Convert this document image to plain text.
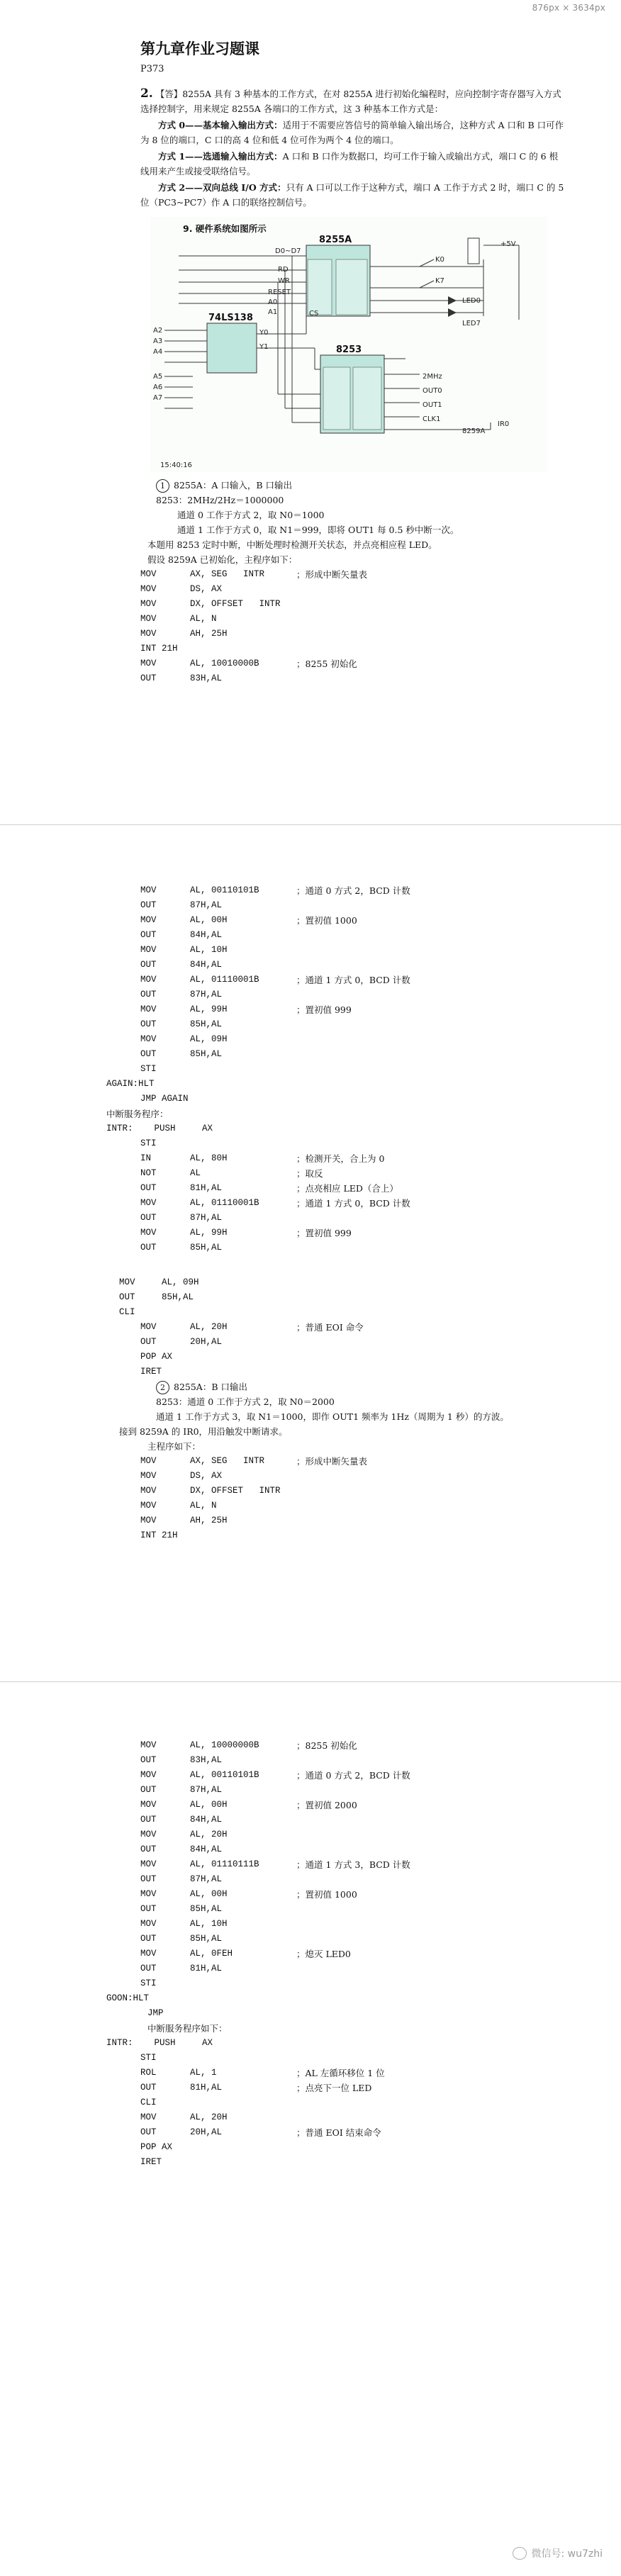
876px × 3634px
第九章作业习题课
P373

2. 【答】8255A 具有 3 种基本的工作方式，在对 8255A 进行初始化编程时，应向控制字寄存器写入方式选择控制字，用来规定 8255A 各端口的工作方式，这 3 种基本工作方式是：

方式 0——基本输入输出方式：适用于不需要应答信号的简单输入输出场合，这种方式 A 口和 B 口可作为 8 位的端口，C 口的高 4 位和低 4 位可作为两个 4 位的端口。

方式 1——选通输入输出方式：A 口和 B 口作为数据口，均可工作于输入或输出方式，端口 C 的 6 根线用来产生或接受联络信号。

方式 2——双向总线 I/O 方式：只有 A 口可以工作于这种方式，端口 A 工作于方式 2 时，端口 C 的 5 位（PC3~PC7）作 A 口的联络控制信号。

9. 硬件系统如图所示
8255A
74LS138
8253
15:40:16
LED0
LED7
D0~D7
RD
WR
RESET
A0
A1
A2
A3
A4
A5
A6
A7
CS
Y0
Y1
+5V
K0
K7
2MHz
OUT0
OUT1
CLK1
IR0
8259A
1 8255A：A 口输入，B 口输出
8253：2MHz/2Hz＝1000000
通道 0 工作于方式 2，取 N0＝1000
通道 1 工作于方式 0，取 N1＝999，即将 OUT1 每 0.5 秒中断一次。
本题用 8253 定时中断，中断处理时检测开关状态，并点亮相应程 LED。
假设 8259A 已初始化，主程序如下：
MOV	AX, SEG   INTR	；形成中断矢量表
MOV	DS, AX
MOV	DX, OFFSET   INTR
MOV	AL, N
MOV	AH, 25H
INT 21H
MOV	AL, 10010000B	；8255 初始化
OUT	83H,AL
MOV	AL, 00110101B	；通道 0 方式 2，BCD 计数
OUT	87H,AL
MOV	AL, 00H	；置初值 1000
OUT	84H,AL
MOV	AL, 10H
OUT	84H,AL
MOV	AL, 01110001B	；通道 1 方式 0，BCD 计数
OUT	87H,AL
MOV	AL, 99H	；置初值 999
OUT	85H,AL
MOV	AL, 09H
OUT	85H,AL
STI
AGAIN:HLT
JMP AGAIN
中断服务程序：
INTR:    PUSH     AX
STI
IN	AL, 80H	；检测开关，合上为 0
NOT	AL	；取反
OUT	81H,AL	；点亮相应 LED（合上）
MOV	AL, 01110001B	；通道 1 方式 0，BCD 计数
OUT	87H,AL
MOV	AL, 99H	；置初值 999
OUT	85H,AL
MOV     AL, 09H
OUT     85H,AL
CLI
MOV	AL, 20H	；普通 EOI 命令
OUT	20H,AL
POP AX
IRET
2 8255A：B 口输出
8253：通道 0 工作于方式 2，取 N0＝2000
通道 1 工作于方式 3，取 N1＝1000，即作 OUT1 频率为 1Hz（周期为 1 秒）的方波。
接到 8259A 的 IR0，用沿触发中断请求。
主程序如下：
MOV	AX, SEG   INTR	；形成中断矢量表
MOV	DS, AX
MOV	DX, OFFSET   INTR
MOV	AL, N
MOV	AH, 25H
INT 21H
MOV	AL, 10000000B	；8255 初始化
OUT	83H,AL
MOV	AL, 00110101B	；通道 0 方式 2，BCD 计数
OUT	87H,AL
MOV	AL, 00H	；置初值 2000
OUT	84H,AL
MOV	AL, 20H
OUT	84H,AL
MOV	AL, 01110111B	；通道 1 方式 3，BCD 计数
OUT	87H,AL
MOV	AL, 00H	；置初值 1000
OUT	85H,AL
MOV	AL, 10H
OUT	85H,AL
MOV	AL, 0FEH	；熄灭 LED0
OUT	81H,AL
STI
GOON:HLT
JMP
中断服务程序如下：
INTR:    PUSH     AX
STI
ROL	AL, 1	；AL 左循环移位 1 位
OUT	81H,AL	；点亮下一位 LED
CLI
MOV	AL, 20H
OUT	20H,AL	；普通 EOI 结束命令
POP AX
IRET
微信号: wu7zhi
